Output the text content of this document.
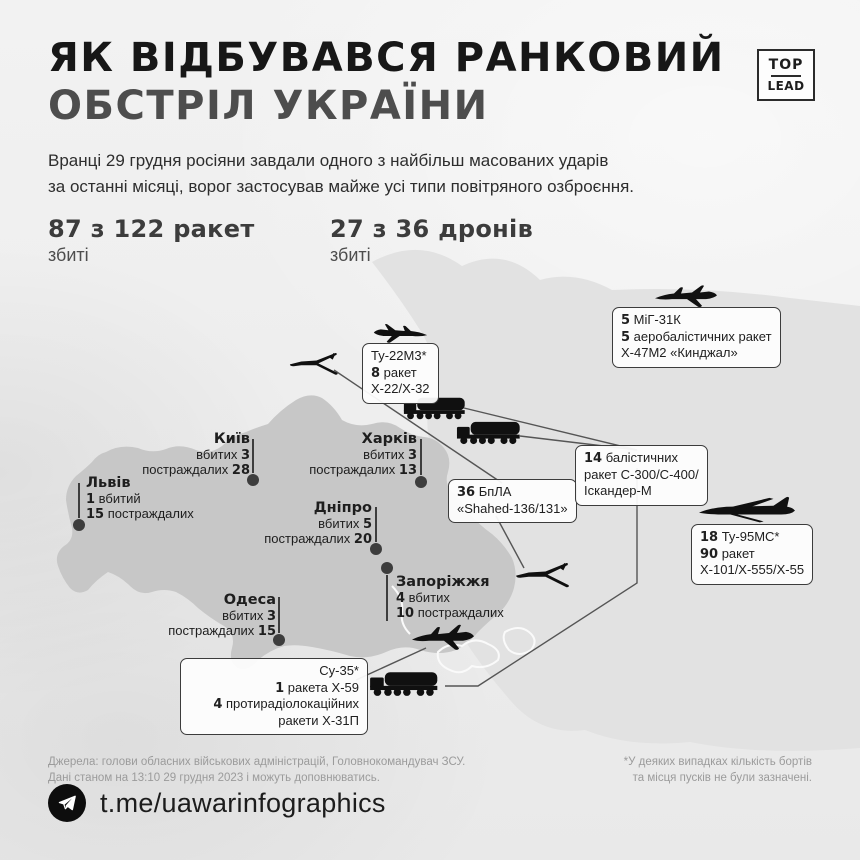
ЯК ВІДБУВАВСЯ РАНКОВИЙ
ОБСТРІЛ УКРАЇНИ
TOP
LEAD
Вранці 29 грудня росіяни завдали одного з найбільш масованих ударів
за останні місяці, ворог застосував майже усі типи повітряного озброєння.
87 з 122 ракет
збиті
27 з 36 дронів
збиті
Київ
вбитих 3
постраждалих 28
Харків
вбитих 3
постраждалих 13
Львів
1 вбитий
15 постраждалих	Дніпро
вбитих 5
постраждалих 20
Запоріжжя
4 вбитих
10 постраждалих
Одеса
вбитих 3
постраждалих 15
Ту-22М3*
8 ракет
Х-22/Х-32
5 МіГ-31К
5 аеробалістичних ракет
Х-47М2 «Кинджал»
36 БпЛА
«Shahed-136/131»
14 балістичних
ракет С-300/С-400/
Іскандер-М
18 Ту-95МС*
90 ракет
Х-101/Х-555/Х-55
Су-35*
1 ракета Х-59
4 протирадіолокаційних
ракети Х-31П
Джерела: голови обласних військових адміністрацій, Головнокомандувач ЗСУ.
Дані станом на 13:10 29 грудня 2023 і можуть доповнюватись.
*У деяких випадках кількість бортів
та місця пусків не були зазначені.
t.me/uawarinfographics
